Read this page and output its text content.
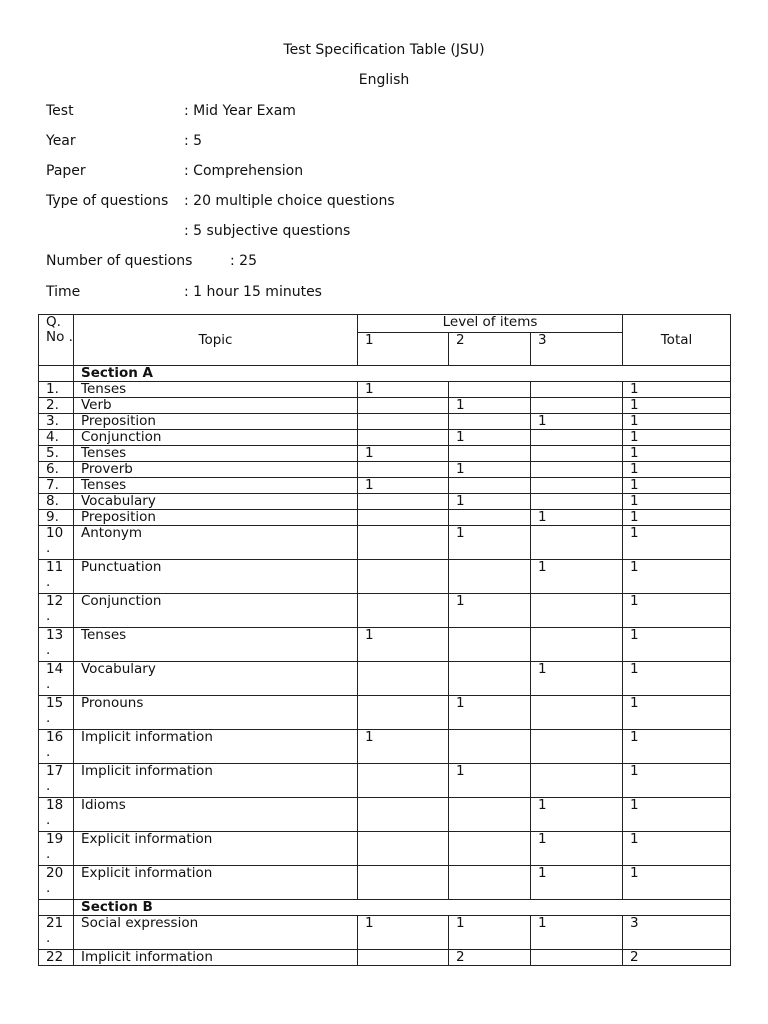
Test Specification Table (JSU)
English
Test	: Mid Year Exam
Year	: 5
Paper	: Comprehension
Type of questions : 20 multiple choice questions
: 5 subjective questions
Number of questions	: 25
Time	: 1 hour 15 minutes
Q. No .	Topic	Level of items			Total
		1	2	3	
	Section A				

1.	Tenses	1			1

2.	Verb		1		1

3.	Preposition			1	1

4.	Conjunction		1		1

5.	Tenses	1			1

6.	Proverb		1		1

7.	Tenses	1			1

8.	Vocabulary		1		1

9.	Preposition			1	1

10 .	Antonym		1		1

11 .	Punctuation			1	1

12 .	Conjunction		1		1

13 .	Tenses	1			1

14 .	Vocabulary			1	1

15 .	Pronouns		1		1

16 .	Implicit information	1			1

17 .	Implicit information		1		1

18 .	Idioms			1	1

19 .	Explicit information			1	1

20 .	Explicit information			1	1
	Section B				

21 .	Social expression	1	1	1	3

22	Implicit information		2		2
